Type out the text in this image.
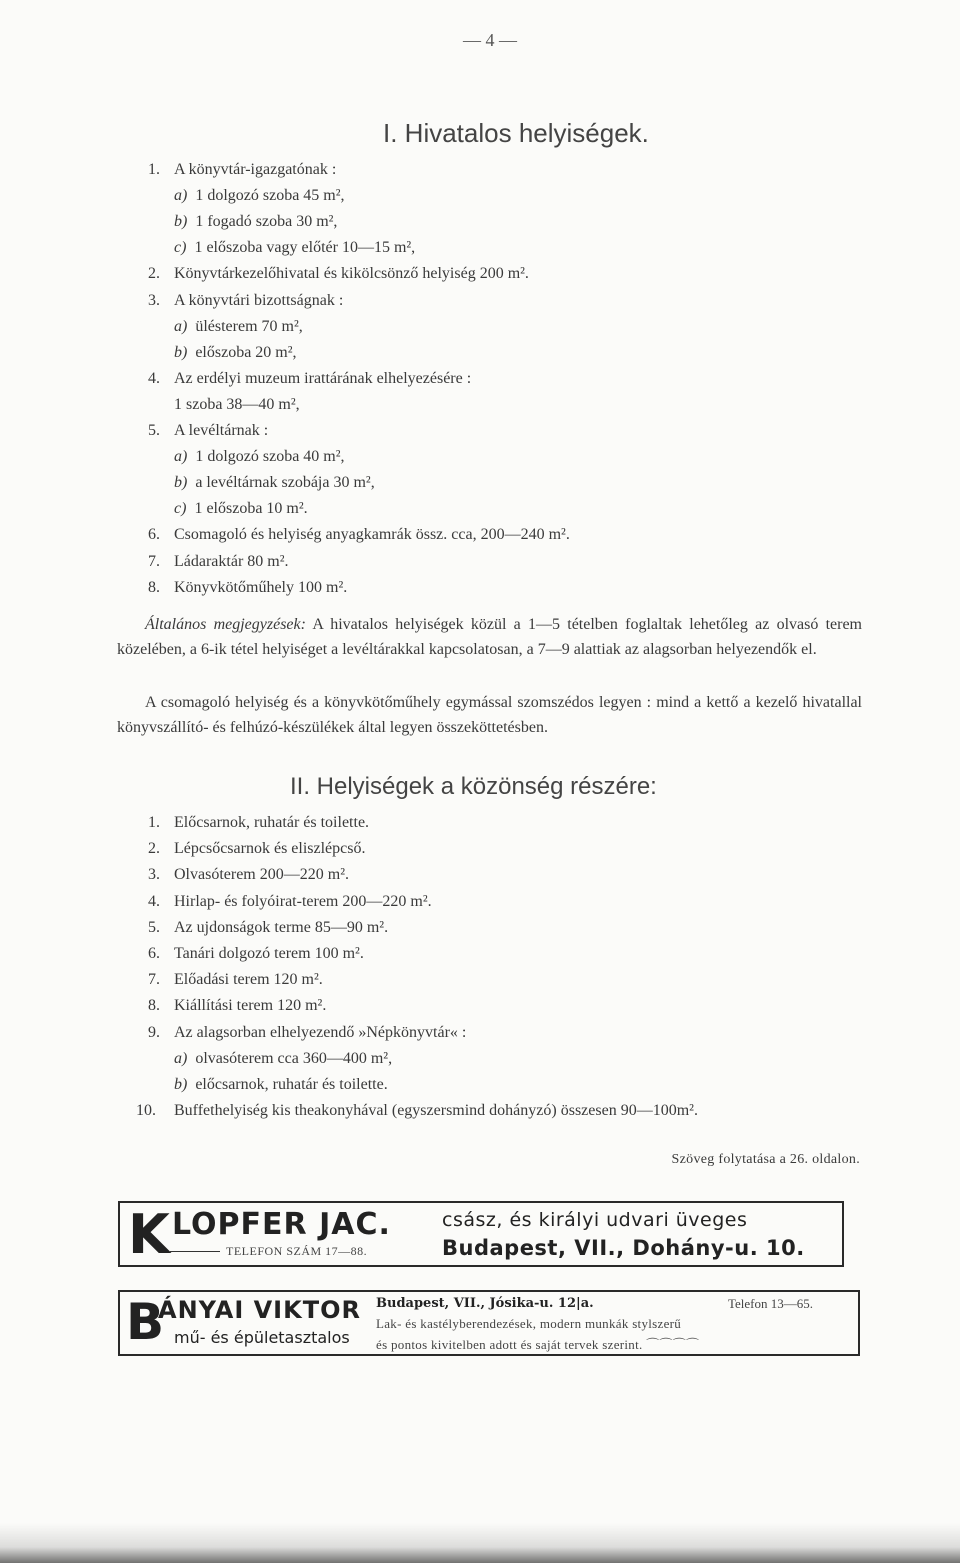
— 4 —
I. Hivatalos helyiségek.
1. A könyvtár-igazgatónak :
a) 1 dolgozó szoba 45 m²,
b) 1 fogadó szoba 30 m²,
c) 1 előszoba vagy előtér 10—15 m²,
2. Könyvtárkezelőhivatal és kikölcsönző helyiség 200 m².
3. A könyvtári bizottságnak :
a) ülésterem 70 m²,
b) előszoba 20 m²,
4. Az erdélyi muzeum irattárának elhelyezésére :
1 szoba 38—40 m²,
5. A levéltárnak :
a) 1 dolgozó szoba 40 m²,
b) a levéltárnak szobája 30 m²,
c) 1 előszoba 10 m².
6. Csomagoló és helyiség anyagkamrák össz. cca, 200—240 m².
7. Ládaraktár 80 m².
8. Könyvkötőműhely 100 m².
Általános megjegyzések: A hivatalos helyiségek közül a 1—5 tételben foglaltak lehetőleg az olvasó terem közelében, a 6-ik tétel helyiséget a levéltárakkal kapcsolatosan, a 7—9 alattiak az alagsorban helyezendők el.
A csomagoló helyiség és a könyvkötőműhely egymással szomszédos legyen : mind a kettő a kezelő hivatallal könyvszállító- és felhúzó-készülékek által legyen összeköttetésben.
II. Helyiségek a közönség részére:
1. Előcsarnok, ruhatár és toilette.
2. Lépcsőcsarnok és eliszlépcső.
3. Olvasóterem 200—220 m².
4. Hirlap- és folyóirat-terem 200—220 m².
5. Az ujdonságok terme 85—90 m².
6. Tanári dolgozó terem 100 m².
7. Előadási terem 120 m².
8. Kiállítási terem 120 m².
9. Az alagsorban elhelyezendő »Népkönyvtár« :
a) olvasóterem cca 360—400 m²,
b) előcsarnok, ruhatár és toilette.
10. Buffethelyiség kis theakonyhával (egyszersmind dohányzó) összesen 90—100m².
Szöveg folytatása a 26. oldalon.
K LOPFER JAC.
TELEFON SZÁM 17—88.
csász, és királyi udvari üveges
Budapest, VII., Dohány-u. 10.
B
ÁNYAI VIKTOR
mű- és épületasztalos
Budapest, VII., Jósika-u. 12|a.	Telefon 13—65.
Lak- és kastélyberendezések, modern munkák stylszerű
és pontos kivitelben adott és saját tervek szerint. ⌒⌒⌒⌒
